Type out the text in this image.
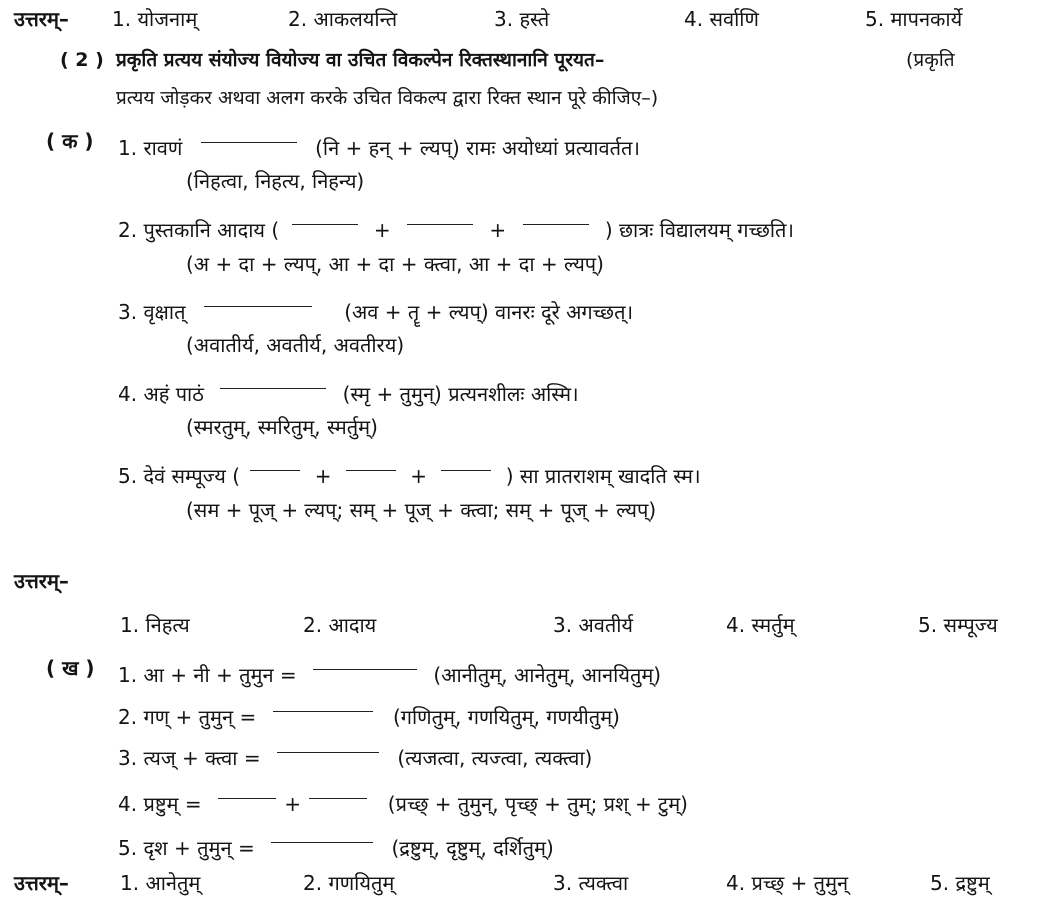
उत्तरम्– 1. योजनाम्	2. आकलयन्ति	3. हस्ते	4. सर्वाणि	5. मापनकार्ये
( 2 ) प्रकृति प्रत्यय संयोज्य वियोज्य वा उचित विकल्पेन रिक्तस्थानानि पूरयत–	(प्रकृति
प्रत्यय जोड़कर अथवा अलग करके उचित विकल्प द्वारा रिक्त स्थान पूरे कीजिए–)
( क ) 1. रावणं	(नि + हन् + ल्यप्) रामः अयोध्यां प्रत्यावर्तत।
(निहत्वा, निहत्य, निहन्य)
2. पुस्तकानि आदाय (	+	+	) छात्रः विद्यालयम् गच्छति।
(अ + दा + ल्यप्, आ + दा + क्त्वा, आ + दा + ल्यप्)
3. वृक्षात्	(अव + तॄ + ल्यप्) वानरः दूरे अगच्छत्।
(अवातीर्य, अवतीर्य, अवतीरय)
4. अहं पाठं	(स्मृ + तुमुन्) प्रत्यनशीलः अस्मि।
(स्मरतुम्, स्मरितुम्, स्मर्तुम्)
5. देवं सम्पूज्य (	+	+	) सा प्रातराशम् खादति स्म।
(सम + पूज् + ल्यप्; सम् + पूज् + क्त्वा; सम् + पूज् + ल्यप्)
उत्तरम्–
1. निहत्य	2. आदाय	3. अवतीर्य	4. स्मर्तुम्	5. सम्पूज्य
( ख ) 1. आ + नी + तुमुन =	(आनीतुम्, आनेतुम्, आनयितुम्)
2. गण् + तुमुन् =	(गणितुम्, गणयितुम्, गणयीतुम्)
3. त्यज् + क्त्वा =	(त्यजत्वा, त्यज्त्वा, त्यक्त्वा)
4. प्रष्टुम् =	+	(प्रच्छ् + तुमुन्, पृच्छ् + तुम्; प्रश् + टुम्)
5. दृश + तुमुन् =	(द्रष्टुम्, दृष्टुम्, दर्शितुम्)
उत्तरम्–	1. आनेतुम्	2. गणयितुम्	3. त्यक्त्वा	4. प्रच्छ् + तुमुन्	5. द्रष्टुम्
